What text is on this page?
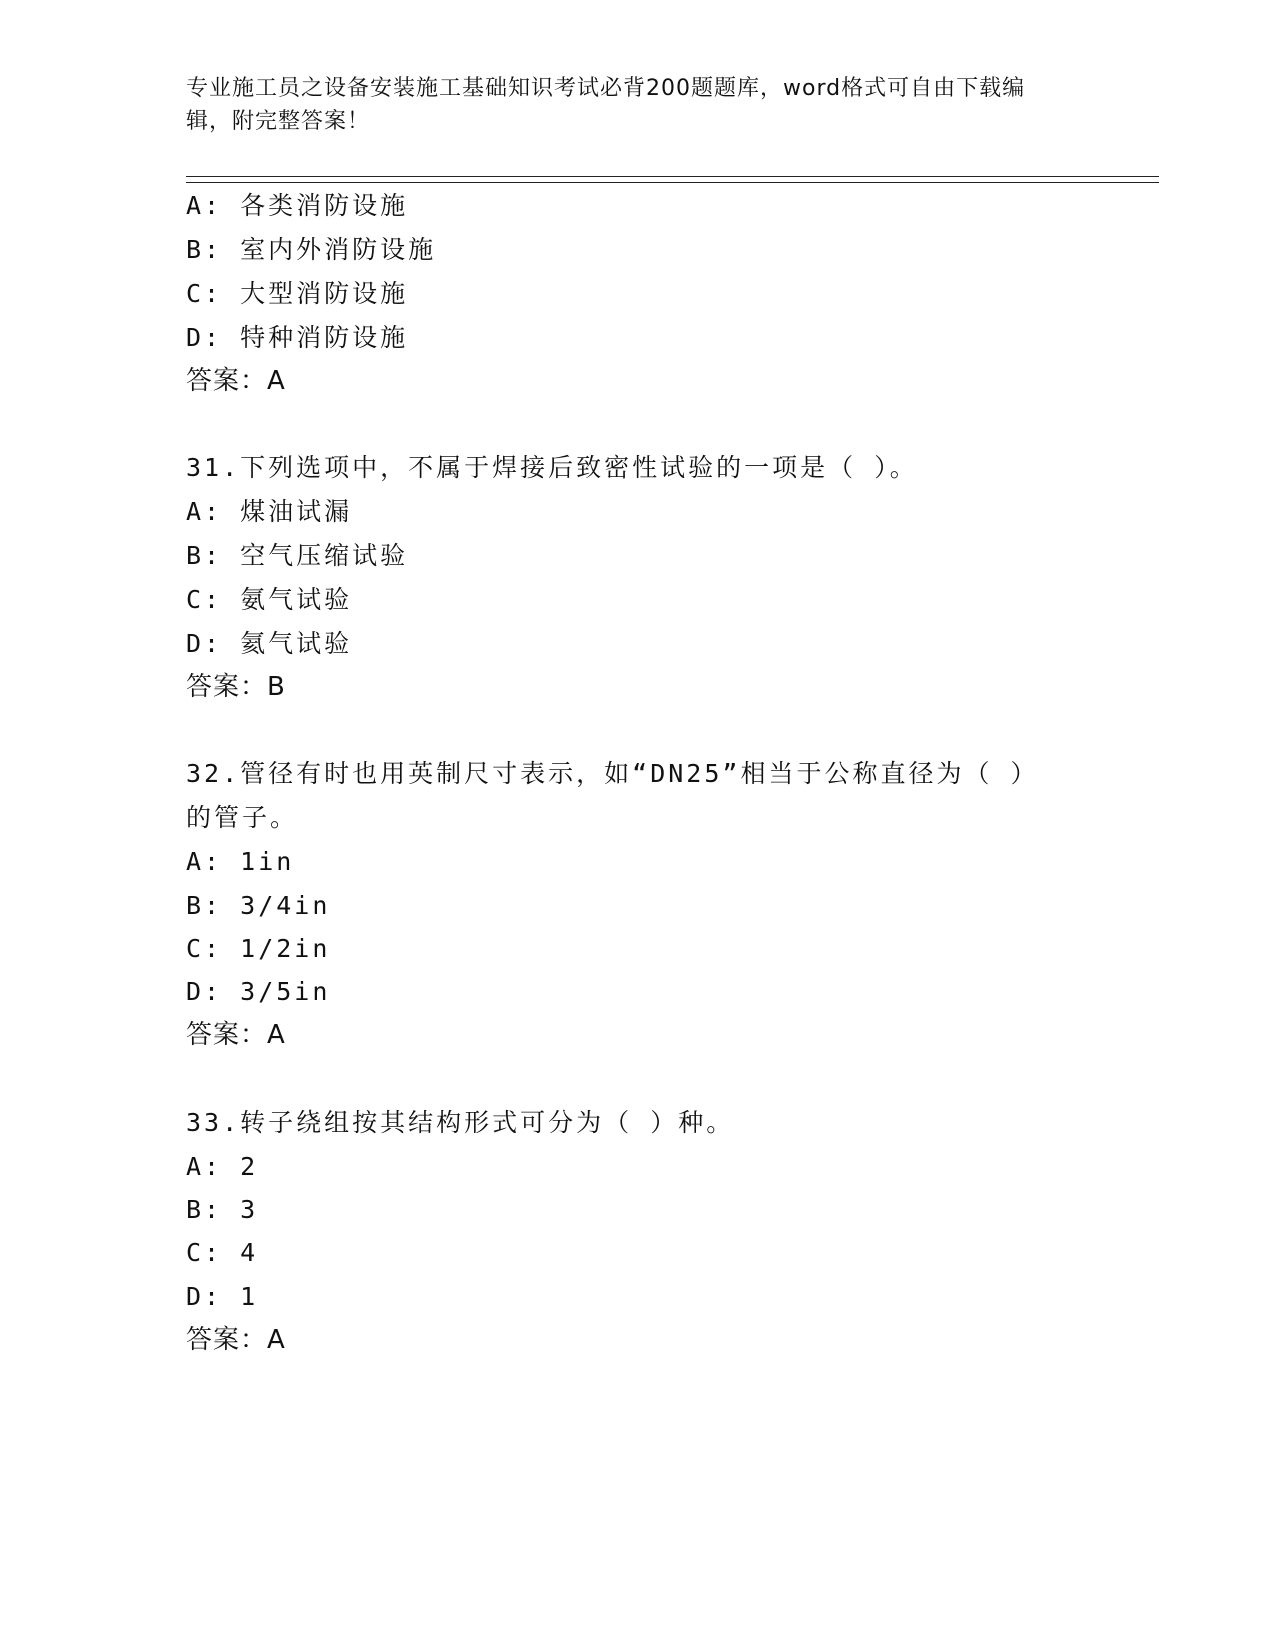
专业施工员之设备安装施工基础知识考试必背200题题库，word格式可自由下载编辑，附完整答案！
A: 各类消防设施
B: 室内外消防设施
C: 大型消防设施
D: 特种消防设施
答案：A
31.下列选项中，不属于焊接后致密性试验的一项是（ ）。
A: 煤油试漏
B: 空气压缩试验
C: 氨气试验
D: 氦气试验
答案：B
32.管径有时也用英制尺寸表示，如“DN25”相当于公称直径为（ ）
的管子。
A: 1in
B: 3/4in
C: 1/2in
D: 3/5in
答案：A
33.转子绕组按其结构形式可分为（ ）种。
A: 2
B: 3
C: 4
D: 1
答案：A
